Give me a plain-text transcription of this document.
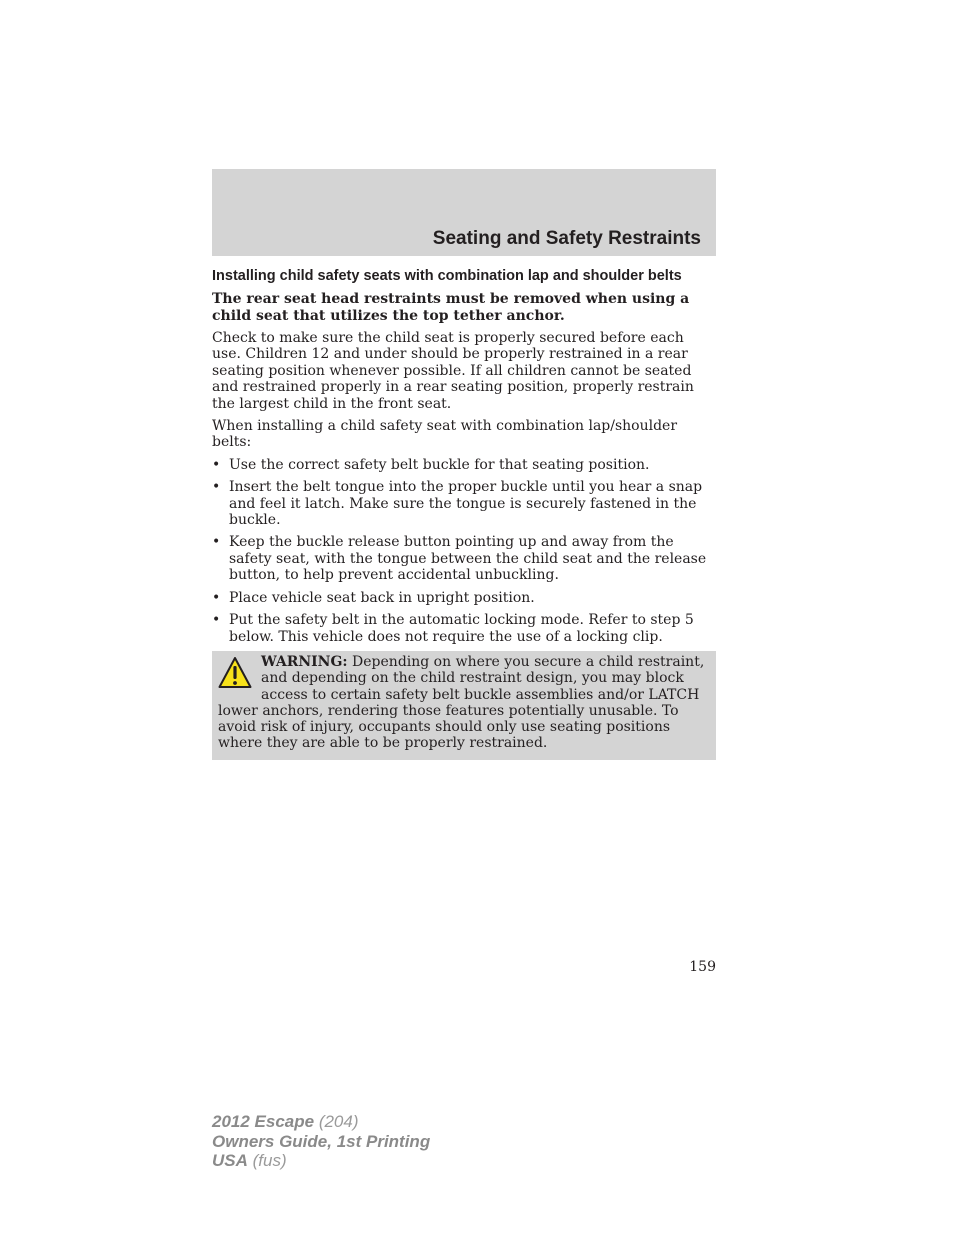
Seating and Safety Restraints
Installing child safety seats with combination lap and shoulder belts

The rear seat head restraints must be removed when using a child seat that utilizes the top tether anchor.

Check to make sure the child seat is properly secured before each use. Children 12 and under should be properly restrained in a rear seating position whenever possible. If all children cannot be seated and restrained properly in a rear seating position, properly restrain the largest child in the front seat.

When installing a child safety seat with combination lap/shoulder belts:

• Use the correct safety belt buckle for that seating position.
• Insert the belt tongue into the proper buckle until you hear a snap and feel it latch. Make sure the tongue is securely fastened in the buckle.
• Keep the buckle release button pointing up and away from the safety seat, with the tongue between the child seat and the release button, to help prevent accidental unbuckling.
• Place vehicle seat back in upright position.
• Put the safety belt in the automatic locking mode. Refer to step 5 below. This vehicle does not require the use of a locking clip.
WARNING: Depending on where you secure a child restraint, and depending on the child restraint design, you may block access to certain safety belt buckle assemblies and/or LATCH lower anchors, rendering those features potentially unusable. To avoid risk of injury, occupants should only use seating positions where they are able to be properly restrained.
159
2012 Escape (204)
Owners Guide, 1st Printing
USA (fus)
